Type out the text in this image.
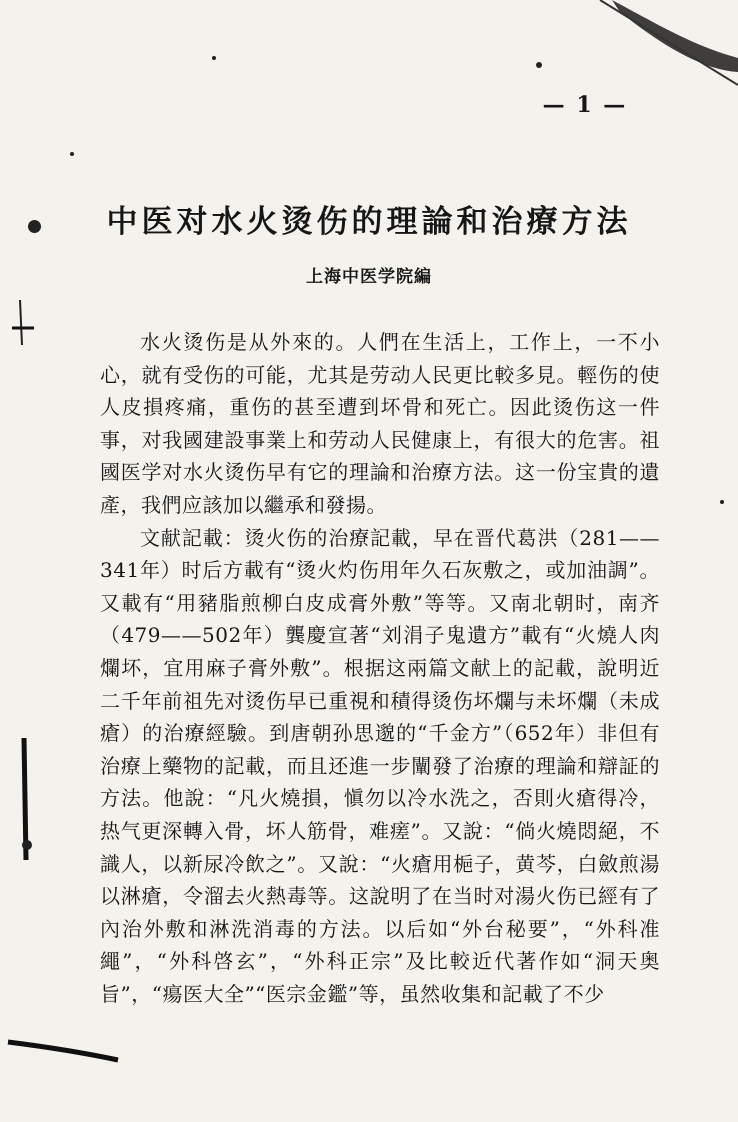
— 1 —
中医对水火烫伤的理論和治療方法
上海中医学院編

水火烫伤是从外來的。人們在生活上，工作上，一不小心，就有受伤的可能，尤其是劳动人民更比較多見。輕伤的使人皮損疼痛，重伤的甚至遭到坏骨和死亡。因此烫伤这一件事，对我國建設事業上和劳动人民健康上，有很大的危害。祖國医学对水火烫伤早有它的理論和治療方法。这一份宝貴的遺產，我們应該加以繼承和發揚。

文献記載：烫火伤的治療記載，早在晋代葛洪（281——341年）时后方載有“烫火灼伤用年久石灰敷之，或加油調”。又載有“用豬脂煎柳白皮成膏外敷”等等。又南北朝时，南齐（479——502年）龔慶宣著“刘涓子鬼遺方”載有“火燒人肉爛坏，宜用麻子膏外敷”。根据这兩篇文献上的記載，說明近二千年前祖先对烫伤早已重視和積得烫伤坏爛与未坏爛（未成瘡）的治療經驗。到唐朝孙思邈的“千金方”（652年）非但有治療上藥物的記載，而且还進一步闡發了治療的理論和辯証的方法。他說：“凡火燒損，愼勿以冷水洗之，否則火瘡得冷，热气更深轉入骨，坏人筋骨，难瘥”。又說：“倘火燒悶絕，不識人，以新尿冷飲之”。又說：“火瘡用梔子，黄芩，白斂煎湯以淋瘡，令溜去火熱毒等。这說明了在当时对湯火伤已經有了內治外敷和淋洗消毒的方法。以后如“外台秘要”，“外科准繩”，“外科啓玄”，“外科正宗”及比較近代著作如“洞天奥旨”，“瘍医大全”“医宗金鑑”等，虽然收集和記載了不少
